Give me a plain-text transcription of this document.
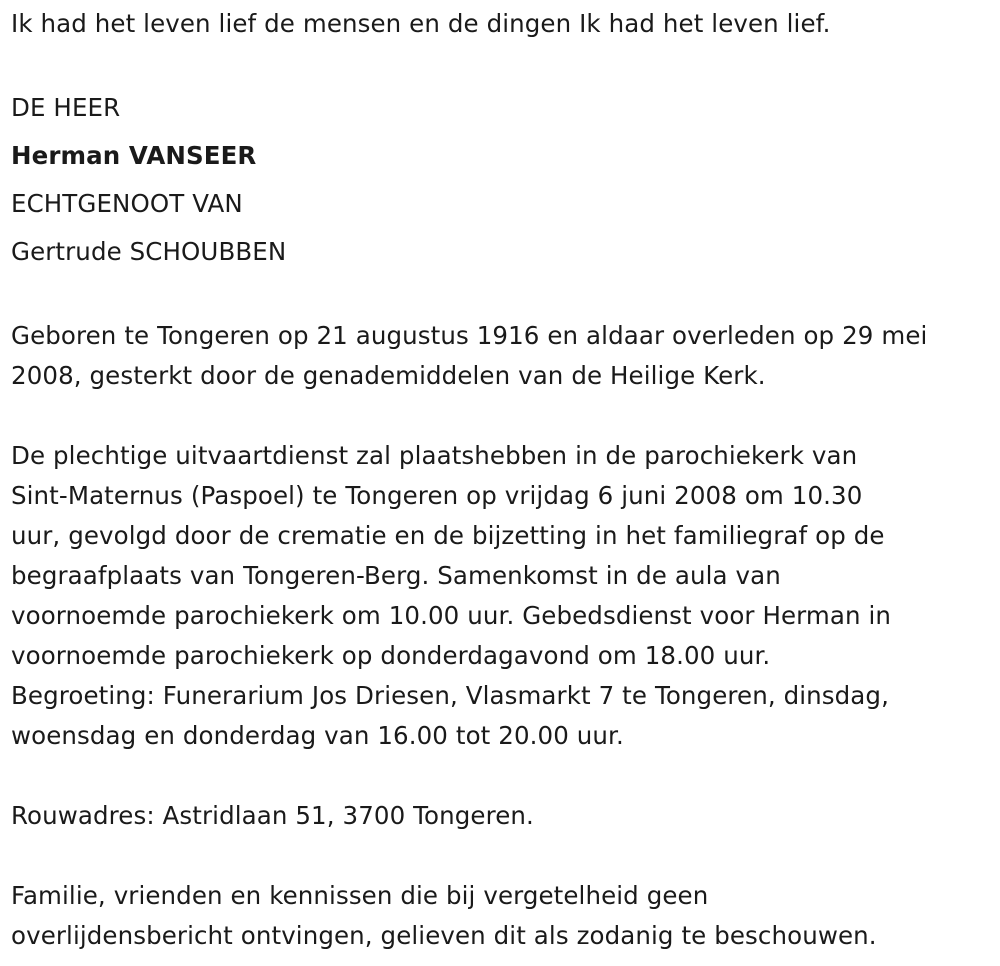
Ik had het leven lief de mensen en de dingen Ik had het leven lief.
DE HEER
Herman VANSEER
ECHTGENOOT VAN
Gertrude SCHOUBBEN
Geboren te Tongeren op 21 augustus 1916 en aldaar overleden op 29 mei
2008, gesterkt door de genademiddelen van de Heilige Kerk.
De plechtige uitvaartdienst zal plaatshebben in de parochiekerk van
Sint-Maternus (Paspoel) te Tongeren op vrijdag 6 juni 2008 om 10.30
uur, gevolgd door de crematie en de bijzetting in het familiegraf op de
begraafplaats van Tongeren-Berg. Samenkomst in de aula van
voornoemde parochiekerk om 10.00 uur. Gebedsdienst voor Herman in
voornoemde parochiekerk op donderdagavond om 18.00 uur.
Begroeting: Funerarium Jos Driesen, Vlasmarkt 7 te Tongeren, dinsdag,
woensdag en donderdag van 16.00 tot 20.00 uur.
Rouwadres: Astridlaan 51, 3700 Tongeren.
Familie, vrienden en kennissen die bij vergetelheid geen
overlijdensbericht ontvingen, gelieven dit als zodanig te beschouwen.
